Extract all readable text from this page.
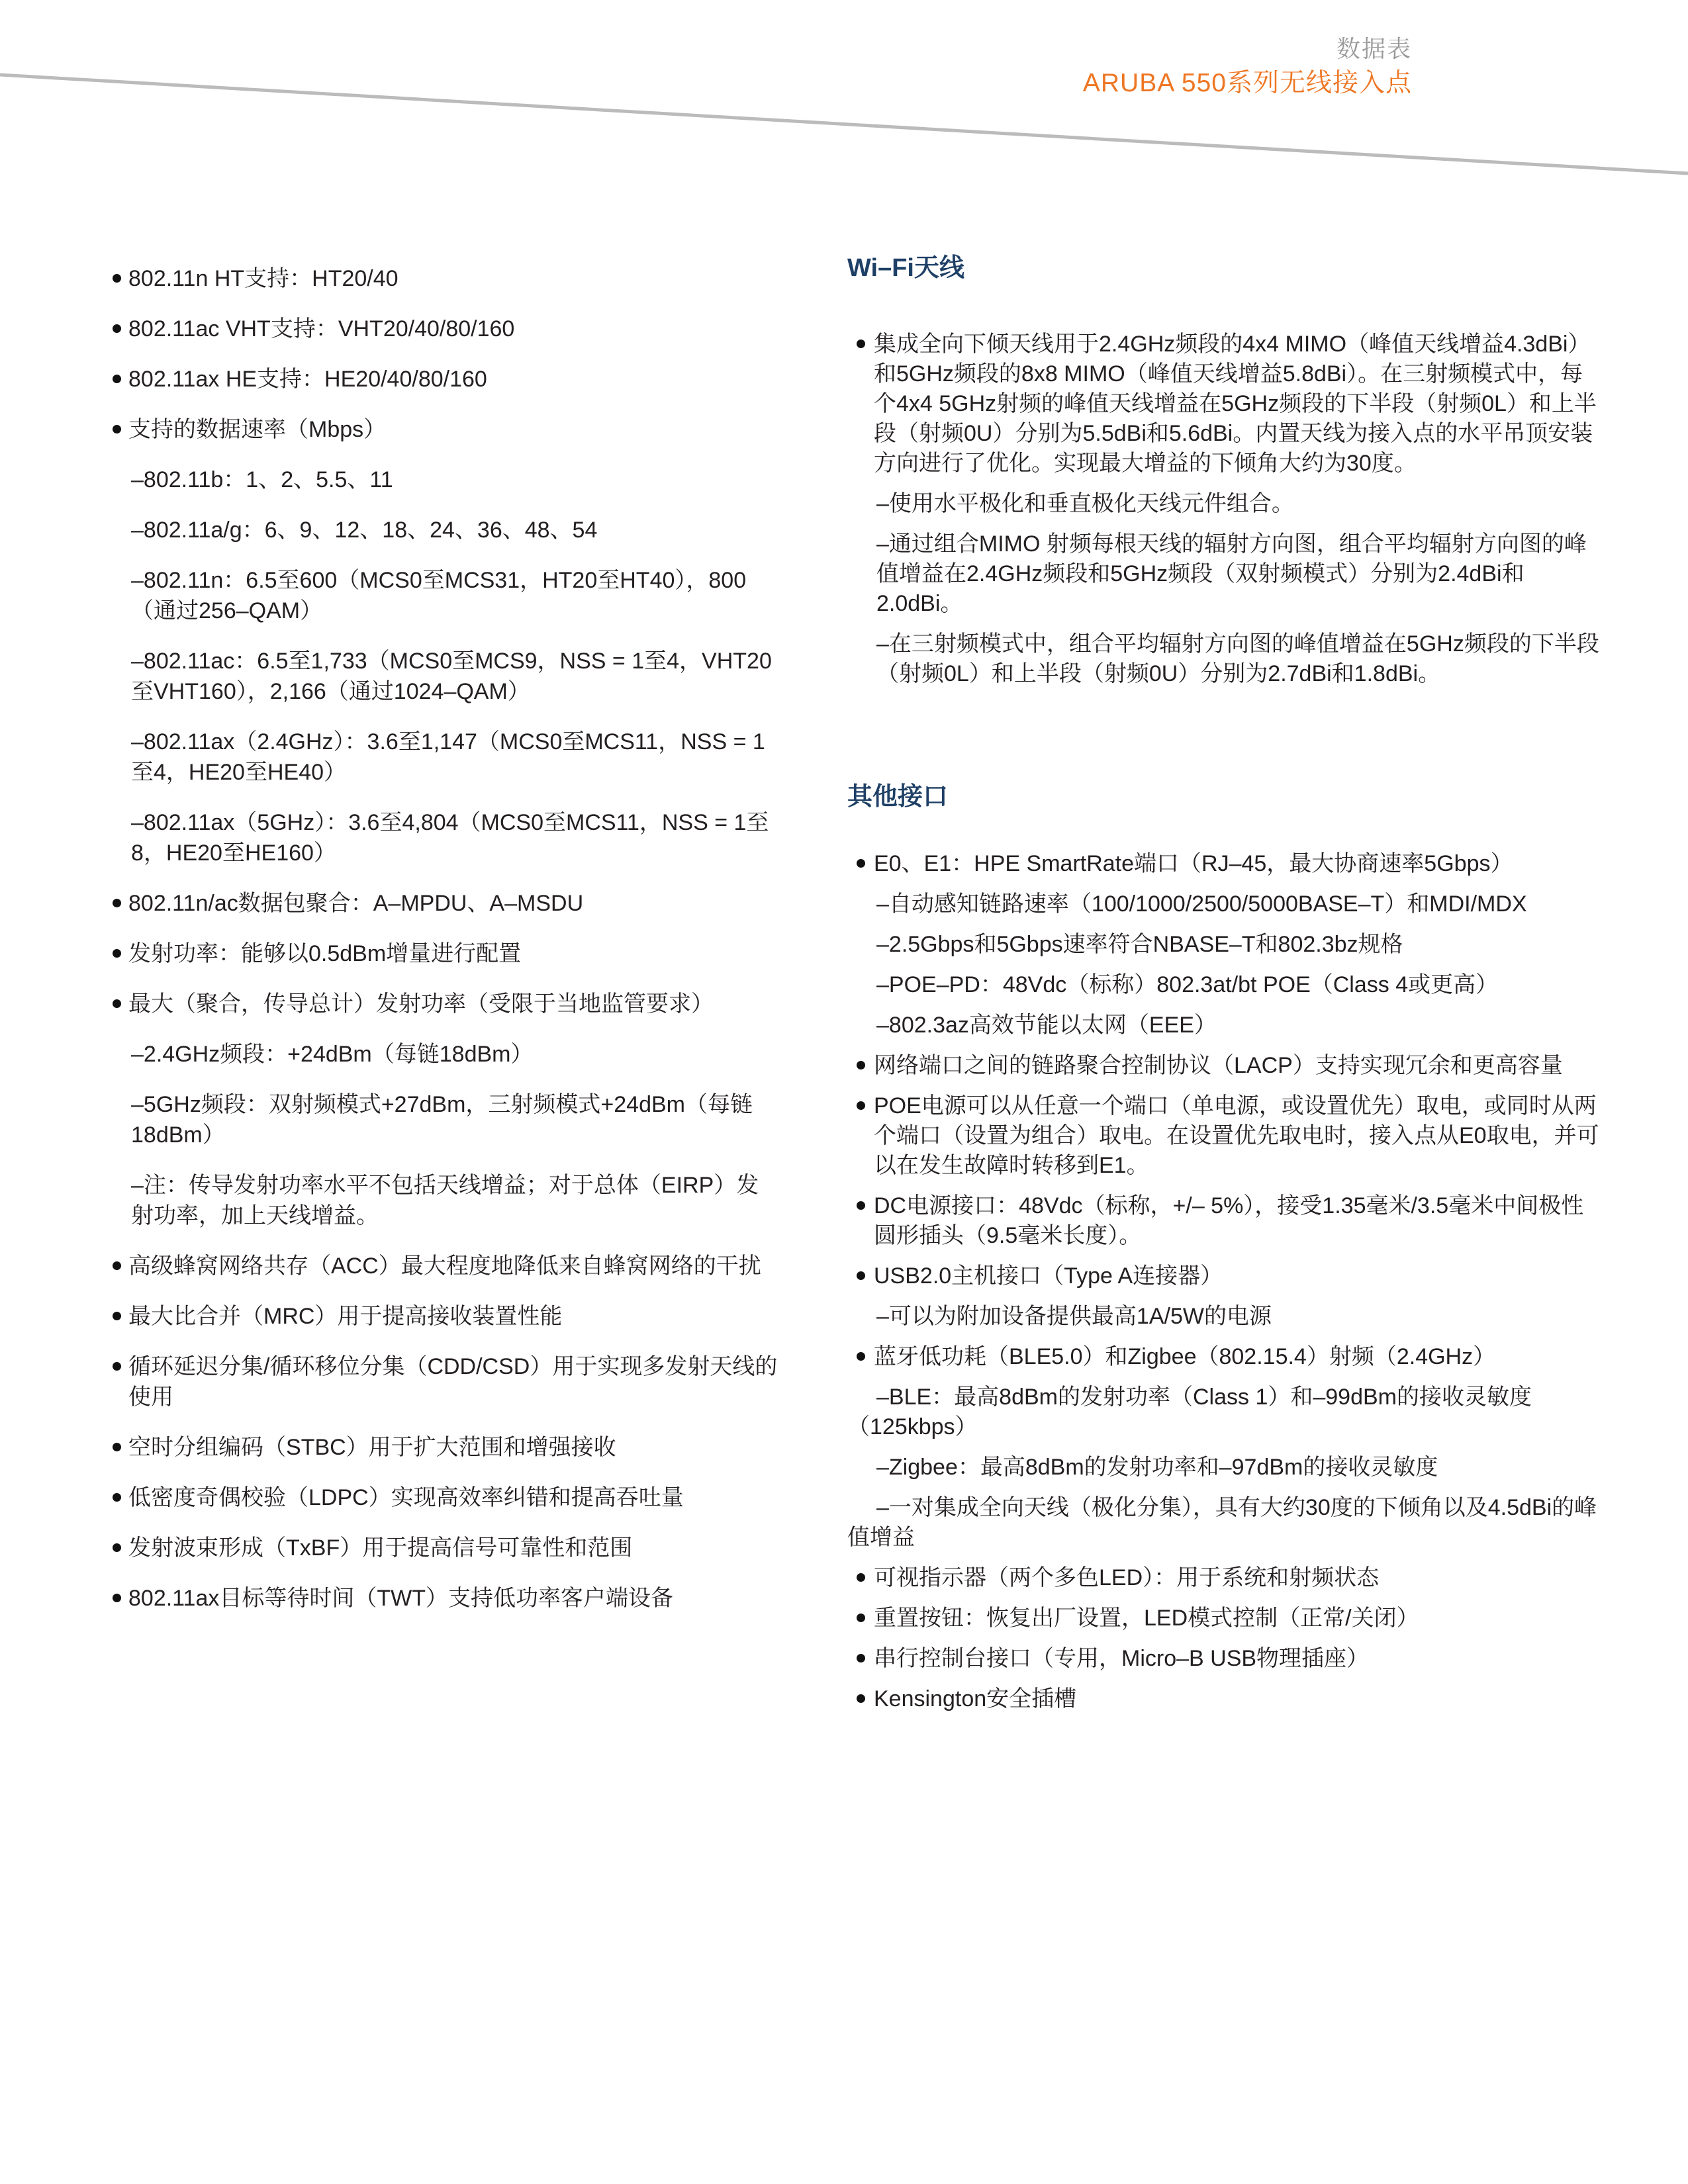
数据表
ARUBA 550系列无线接入点
802.11n HT支持：HT20/40
802.11ac VHT支持：VHT20/40/80/160
802.11ax HE支持：HE20/40/80/160
支持的数据速率（Mbps）
–802.11b：1、2、5.5、11
–802.11a/g：6、9、12、18、24、36、48、54
–802.11n：6.5至600（MCS0至MCS31，HT20至HT40），800（通过256–QAM）
–802.11ac：6.5至1,733（MCS0至MCS9，NSS = 1至4，VHT20至VHT160），2,166（通过1024–QAM）
–802.11ax（2.4GHz）：3.6至1,147（MCS0至MCS11，NSS = 1至4，HE20至HE40）
–802.11ax（5GHz）：3.6至4,804（MCS0至MCS11，NSS = 1至8，HE20至HE160）
802.11n/ac数据包聚合：A–MPDU、A–MSDU
发射功率：能够以0.5dBm增量进行配置
最大（聚合，传导总计）发射功率（受限于当地监管要求）
–2.4GHz频段：+24dBm（每链18dBm）
–5GHz频段：双射频模式+27dBm，三射频模式+24dBm（每链18dBm）
–注：传导发射功率水平不包括天线增益；对于总体（EIRP）发射功率，加上天线增益。
高级蜂窝网络共存（ACC）最大程度地降低来自蜂窝网络的干扰
最大比合并（MRC）用于提高接收装置性能
循环延迟分集/循环移位分集（CDD/CSD）用于实现多发射天线的使用
空时分组编码（STBC）用于扩大范围和增强接收
低密度奇偶校验（LDPC）实现高效率纠错和提高吞吐量
发射波束形成（TxBF）用于提高信号可靠性和范围
802.11ax目标等待时间（TWT）支持低功率客户端设备
Wi–Fi天线
集成全向下倾天线用于2.4GHz频段的4x4 MIMO（峰值天线增益4.3dBi）和5GHz频段的8x8 MIMO（峰值天线增益5.8dBi）。在三射频模式中，每个4x4 5GHz射频的峰值天线增益在5GHz频段的下半段（射频0L）和上半段（射频0U）分别为5.5dBi和5.6dBi。内置天线为接入点的水平吊顶安装方向进行了优化。实现最大增益的下倾角大约为30度。
–使用水平极化和垂直极化天线元件组合。
–通过组合MIMO 射频每根天线的辐射方向图，组合平均辐射方向图的峰值增益在2.4GHz频段和5GHz频段（双射频模式）分别为2.4dBi和2.0dBi。
–在三射频模式中，组合平均辐射方向图的峰值增益在5GHz频段的下半段（射频0L）和上半段（射频0U）分别为2.7dBi和1.8dBi。
其他接口
E0、E1：HPE SmartRate端口（RJ–45，最大协商速率5Gbps）
–自动感知链路速率（100/1000/2500/5000BASE–T）和MDI/MDX
–2.5Gbps和5Gbps速率符合NBASE–T和802.3bz规格
–POE–PD：48Vdc（标称）802.3at/bt POE（Class 4或更高）
–802.3az高效节能以太网（EEE）
网络端口之间的链路聚合控制协议（LACP）支持实现冗余和更高容量
POE电源可以从任意一个端口（单电源，或设置优先）取电，或同时从两个端口（设置为组合）取电。在设置优先取电时，接入点从E0取电，并可以在发生故障时转移到E1。
DC电源接口：48Vdc（标称，+/– 5%），接受1.35毫米/3.5毫米中间极性圆形插头（9.5毫米长度）。
USB2.0主机接口（Type A连接器）
–可以为附加设备提供最高1A/5W的电源
蓝牙低功耗（BLE5.0）和Zigbee（802.15.4）射频（2.4GHz）
–BLE：最高8dBm的发射功率（Class 1）和–99dBm的接收灵敏度（125kbps）
–Zigbee：最高8dBm的发射功率和–97dBm的接收灵敏度
–一对集成全向天线（极化分集），具有大约30度的下倾角以及4.5dBi的峰值增益
可视指示器（两个多色LED）：用于系统和射频状态
重置按钮：恢复出厂设置，LED模式控制（正常/关闭）
串行控制台接口（专用，Micro–B USB物理插座）
Kensington安全插槽
